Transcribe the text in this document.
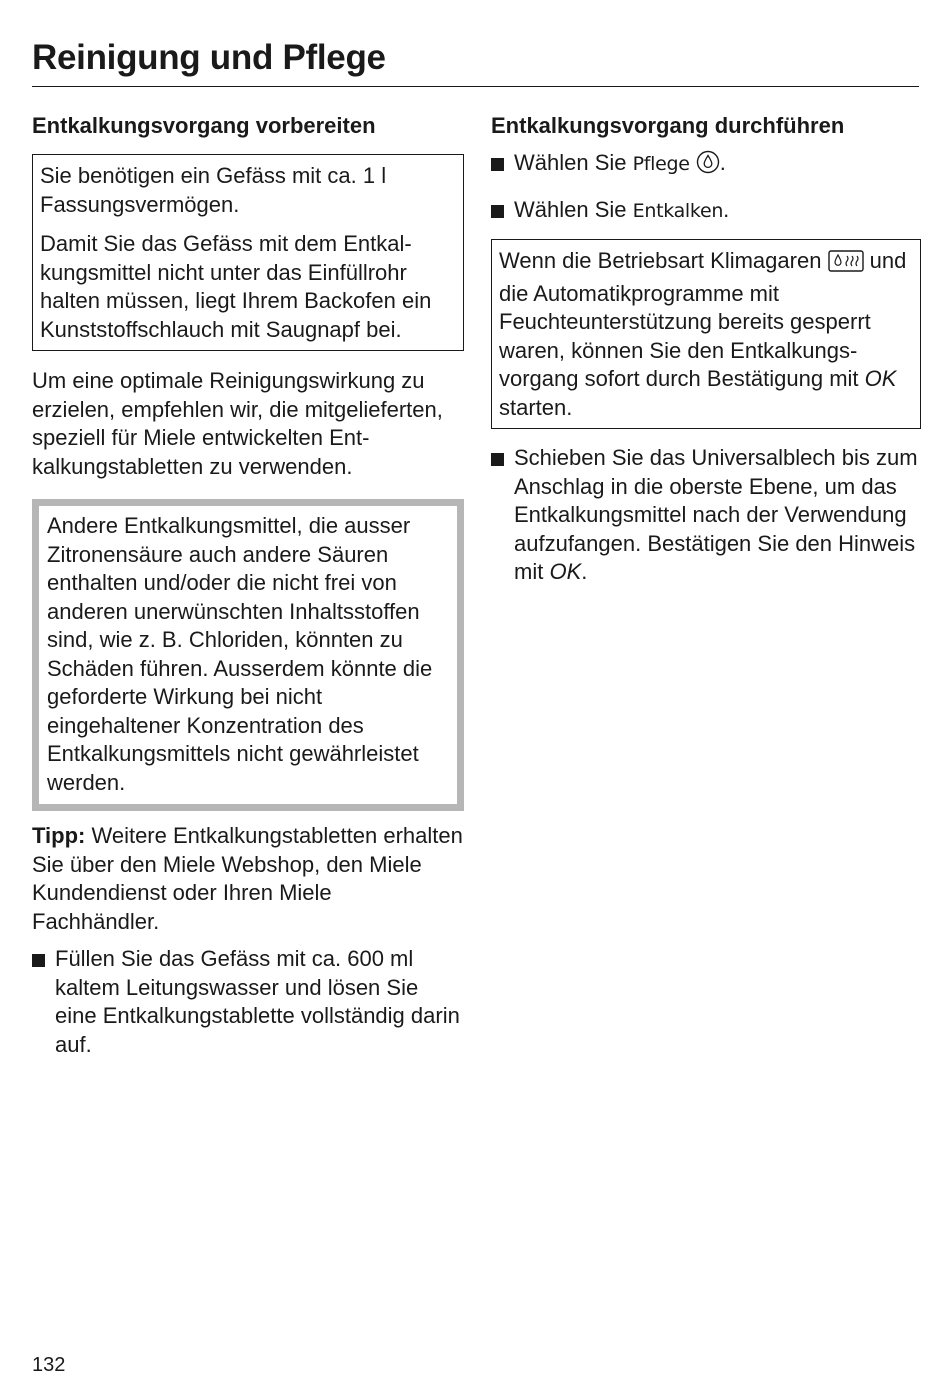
Reinigung und Pflege
Entkalkungsvorgang vorbereiten

Sie benötigen ein Gefäss mit ca. 1 l Fassungsvermögen.

Damit Sie das Gefäss mit dem Entkalkungsmittel nicht unter das Einfüllrohr halten müssen, liegt Ihrem Backofen ein Kunststoffschlauch mit Saugnapf bei.

Um eine optimale Reinigungswirkung zu erzielen, empfehlen wir, die mitgelieferten, speziell für Miele entwickelten Entkalkungstabletten zu verwenden.

Andere Entkalkungsmittel, die ausser Zitronensäure auch andere Säuren enthalten und/oder die nicht frei von anderen unerwünschten Inhaltsstoffen sind, wie z. B. Chloriden, könnten zu Schäden führen. Ausserdem könnte die geforderte Wirkung bei nicht eingehaltener Konzentration des Entkalkungsmittels nicht gewährleistet werden.

Tipp: Weitere Entkalkungstabletten erhalten Sie über den Miele Webshop, den Miele Kundendienst oder Ihren Miele Fachhändler.

Füllen Sie das Gefäss mit ca. 600 ml kaltem Leitungswasser und lösen Sie eine Entkalkungstablette vollständig darin auf.

Entkalkungsvorgang durchführen

Wählen Sie Pflege .

Wählen Sie Entkalken.

Wenn die Betriebsart Klimagaren  und die Automatikprogramme mit Feuchteunterstützung bereits gesperrt waren, können Sie den Entkalkungsvorgang sofort durch Bestätigung mit OK starten.

Schieben Sie das Universalblech bis zum Anschlag in die oberste Ebene, um das Entkalkungsmittel nach der Verwendung aufzufangen. Bestätigen Sie den Hinweis mit OK.

132
